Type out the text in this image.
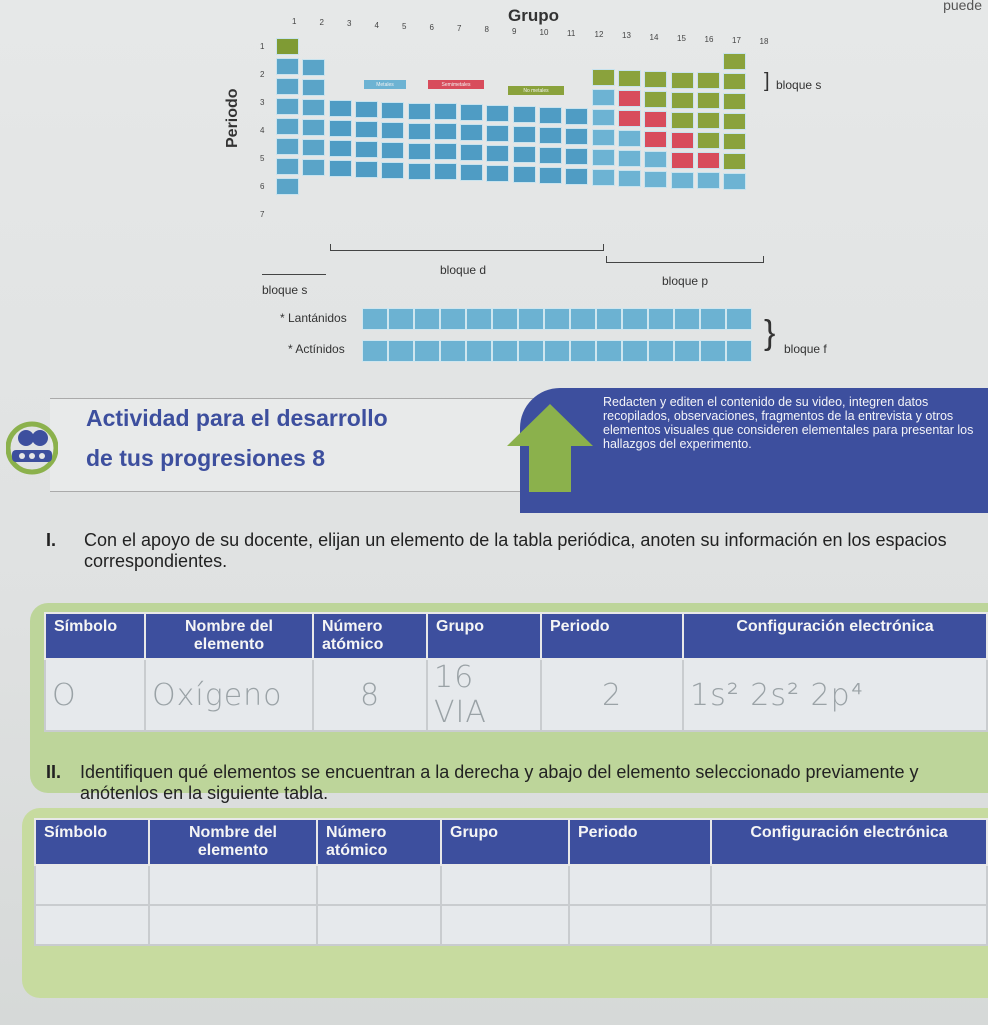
puede
Grupo
1	2	3	4	5	6	7	8	9	10 11 12 13 14 15 16 17 18
1
2
3
4
5
6
7
Periodo
Metales	Semimetales
No metales	] bloque s
bloque s
bloque d
bloque p
* Lantánidos
* Actínidos	} bloque f
Actividad para el desarrollo
de tus progresiones 8
Redacten y editen el contenido de su video, integren datos recopilados, observaciones, fragmentos de la entrevista y otros elementos visuales que consideren elementales para presentar los hallazgos del experimento.
I.	Con el apoyo de su docente, elijan un elemento de la tabla periódica, anoten su información en los espacios correspondientes.
Símbolo	Nombre del elemento	Número atómico	Grupo	Periodo	Configuración electrónica
O	Oxígeno	8	16 VIA	2	1s² 2s² 2p⁴
II.	Identifiquen qué elementos se encuentran a la derecha y abajo del elemento seleccionado previamente y anótenlos en la siguiente tabla.
Símbolo	Nombre del elemento	Número atómico	Grupo	Periodo	Configuración electrónica
